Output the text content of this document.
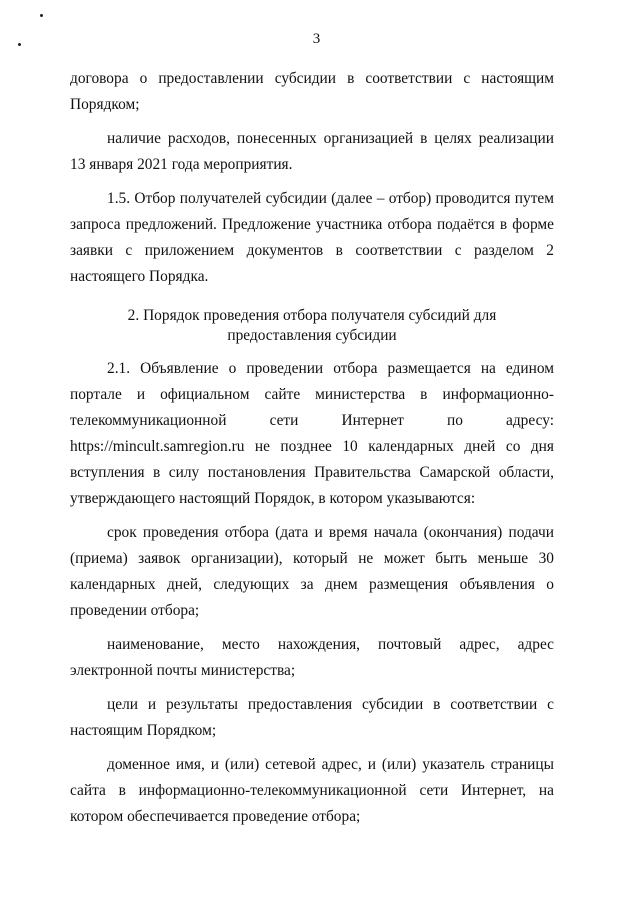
3

договора о предоставлении субсидии в соответствии с настоящим Порядком;

наличие расходов, понесенных организацией в целях реализации 13 января 2021 года мероприятия.

1.5. Отбор получателей субсидии (далее – отбор) проводится путем запроса предложений. Предложение участника отбора подаётся в форме заявки с приложением документов в соответствии с разделом 2 настоящего Порядка.

2. Порядок проведения отбора получателя субсидий для
предоставления субсидии

2.1. Объявление о проведении отбора размещается на едином портале и официальном сайте министерства в информационно-телекоммуникационной сети Интернет по адресу: https://mincult.samregion.ru не позднее 10 календарных дней со дня вступления в силу постановления Правительства Самарской области, утверждающего настоящий Порядок, в котором указываются:

срок проведения отбора (дата и время начала (окончания) подачи (приема) заявок организации), который не может быть меньше 30 календарных дней, следующих за днем размещения объявления о проведении отбора;

наименование, место нахождения, почтовый адрес, адрес электронной почты министерства;

цели и результаты предоставления субсидии в соответствии с настоящим Порядком;

доменное имя, и (или) сетевой адрес, и (или) указатель страницы сайта в информационно-телекоммуникационной сети Интернет, на котором обеспечивается проведение отбора;
